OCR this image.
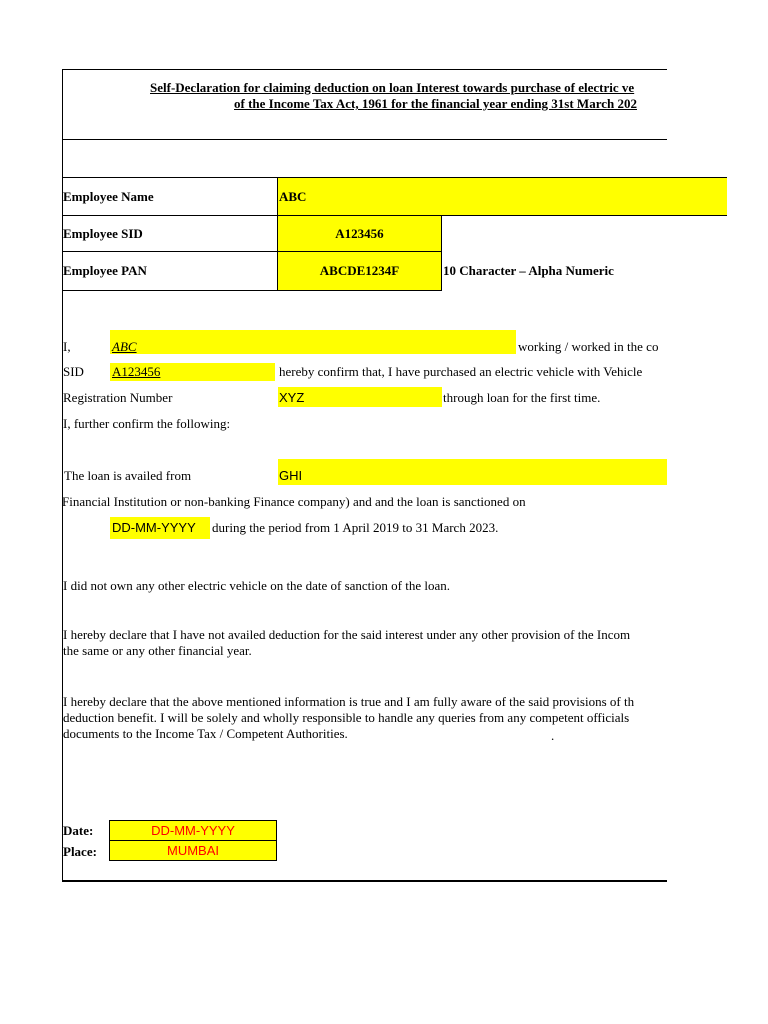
Self-Declaration for claiming deduction on loan Interest towards purchase of electric ve
of the Income Tax Act, 1961 for the financial year ending 31st March 202
Employee Name	ABC
Employee SID	A123456
Employee PAN	ABCDE1234F	10 Character – Alpha Numeric
I,	ABC	working / worked in the co
SID A123456	hereby confirm that, I have purchased an electric vehicle with Vehicle
Registration Number	XYZ	through loan for the first time.
I, further confirm the following:
The loan is availed from	GHI
Financial Institution or non-banking Finance company) and and the loan is sanctioned on
DD-MM-YYYY during the period from 1 April 2019 to 31 March 2023.
I did not own any other electric vehicle on the date of sanction of the loan.
I hereby declare that I have not availed deduction for the said interest under any other provision of the Incom
the same or any other financial year.
I hereby declare that the above mentioned information is true and I am fully aware of the said provisions of th
deduction benefit. I will be solely and wholly responsible to handle any queries from any competent officials
documents to the Income Tax / Competent Authorities.	.
Date:	DD-MM-YYYY
Place:	MUMBAI
